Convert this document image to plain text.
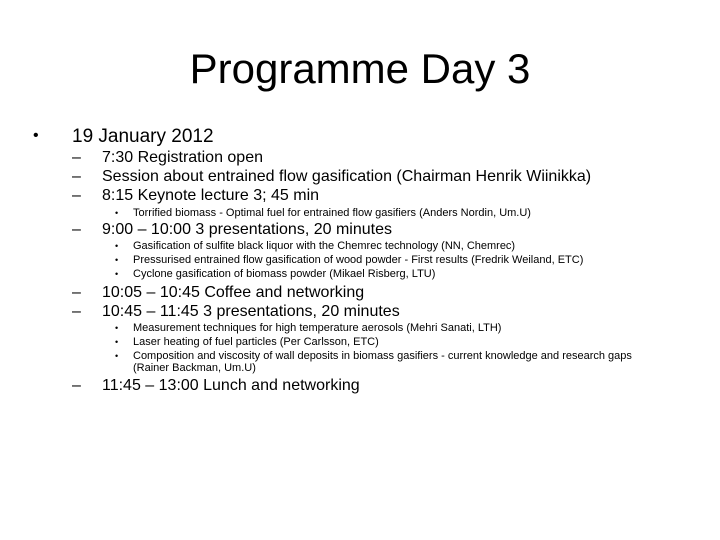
Programme Day 3
• 19 January 2012
– 7:30 Registration open
– Session about entrained flow gasification (Chairman Henrik Wiinikka)
– 8:15 Keynote lecture 3; 45 min
• Torrified biomass - Optimal fuel for entrained flow gasifiers (Anders Nordin, Um.U)
– 9:00 – 10:00 3 presentations, 20 minutes
• Gasification of sulfite black liquor with the Chemrec technology (NN, Chemrec)
• Pressurised entrained flow gasification of wood powder - First results (Fredrik Weiland, ETC)
• Cyclone gasification of biomass powder (Mikael Risberg, LTU)
– 10:05 – 10:45 Coffee and networking
– 10:45 – 11:45 3 presentations, 20 minutes
• Measurement techniques for high temperature aerosols (Mehri Sanati, LTH)
• Laser heating of fuel particles (Per Carlsson, ETC)
• Composition and viscosity of wall deposits in biomass gasifiers - current knowledge and research gaps
(Rainer Backman, Um.U)
– 11:45 – 13:00 Lunch and networking
